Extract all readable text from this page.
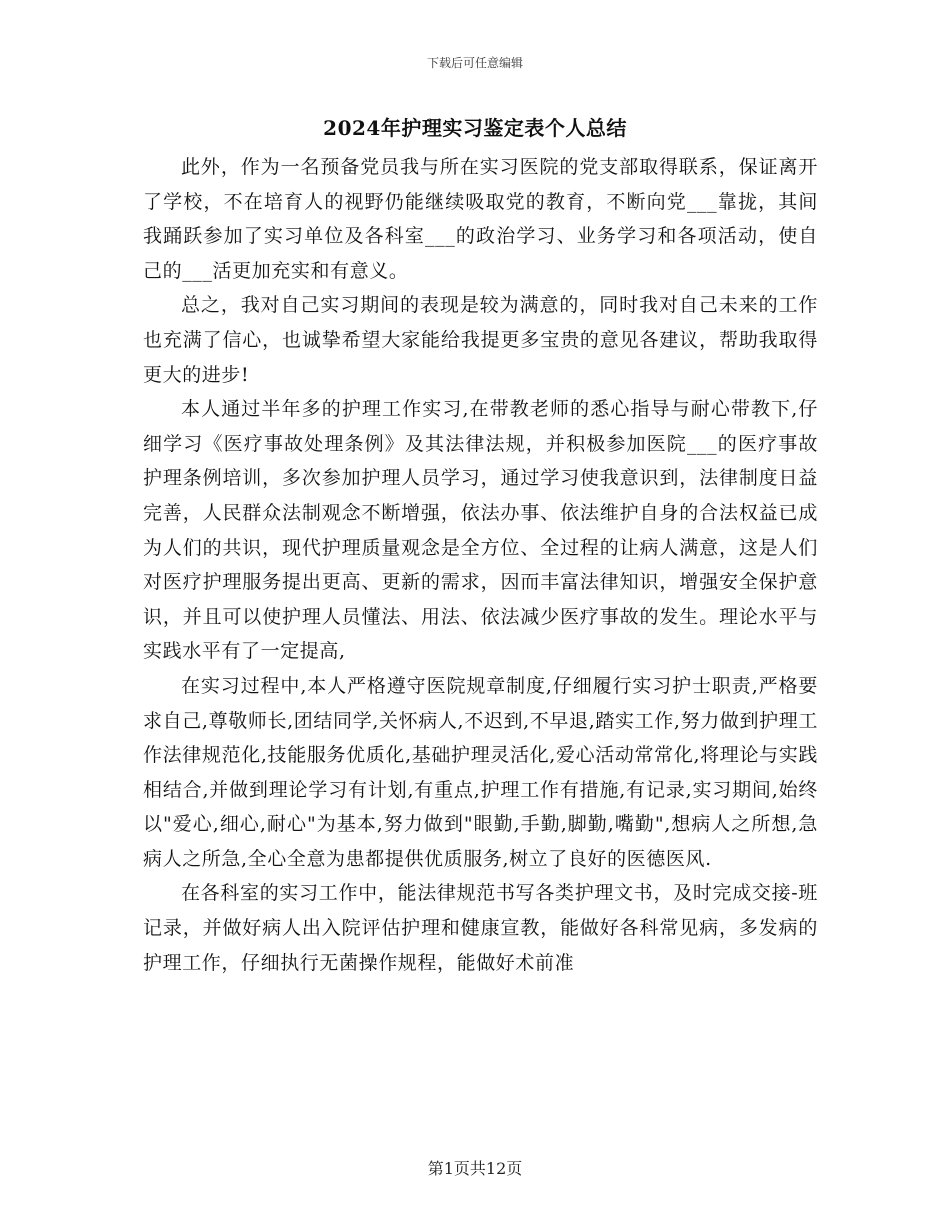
下载后可任意编辑
2024年护理实习鉴定表个人总结

此外，作为一名预备党员我与所在实习医院的党支部取得联系，保证离开了学校，不在培育人的视野仍能继续吸取党的教育，不断向党___靠拢，其间我踊跃参加了实习单位及各科室___的政治学习、业务学习和各项活动，使自己的___活更加充实和有意义。

总之，我对自己实习期间的表现是较为满意的，同时我对自己未来的工作也充满了信心，也诚挚希望大家能给我提更多宝贵的意见各建议，帮助我取得更大的进步!

本人通过半年多的护理工作实习,在带教老师的悉心指导与耐心带教下,仔细学习《医疗事故处理条例》及其法律法规，并积极参加医院___的医疗事故护理条例培训，多次参加护理人员学习，通过学习使我意识到，法律制度日益完善，人民群众法制观念不断增强，依法办事、依法维护自身的合法权益已成为人们的共识，现代护理质量观念是全方位、全过程的让病人满意，这是人们对医疗护理服务提出更高、更新的需求，因而丰富法律知识，增强安全保护意识，并且可以使护理人员懂法、用法、依法减少医疗事故的发生。理论水平与实践水平有了一定提高,

在实习过程中,本人严格遵守医院规章制度,仔细履行实习护士职责,严格要求自己,尊敬师长,团结同学,关怀病人,不迟到,不早退,踏实工作,努力做到护理工作法律规范化,技能服务优质化,基础护理灵活化,爱心活动常常化,将理论与实践相结合,并做到理论学习有计划,有重点,护理工作有措施,有记录,实习期间,始终以"爱心,细心,耐心"为基本,努力做到"眼勤,手勤,脚勤,嘴勤",想病人之所想,急病人之所急,全心全意为患都提供优质服务,树立了良好的医德医风.

在各科室的实习工作中，能法律规范书写各类护理文书，及时完成交接-班记录，并做好病人出入院评估护理和健康宣教，能做好各科常见病，多发病的护理工作，仔细执行无菌操作规程，能做好术前准

第1页共12页
